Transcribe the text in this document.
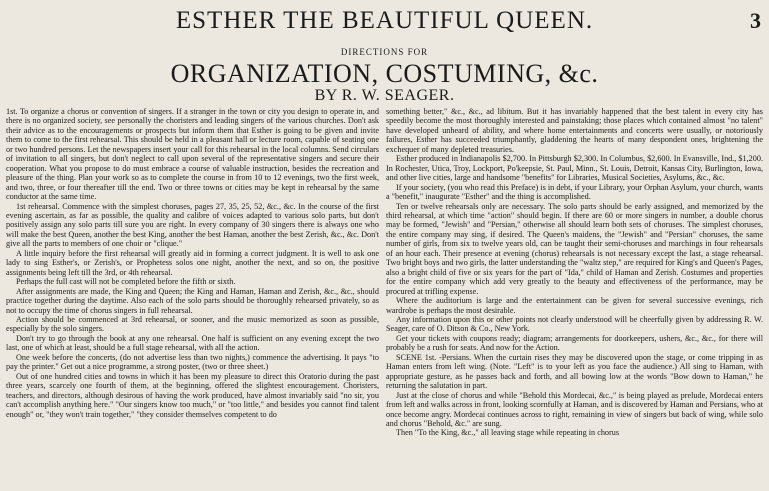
ESTHER THE BEAUTIFUL QUEEN.	3
DIRECTIONS FOR
ORGANIZATION, COSTUMING, &c.
BY R. W. SEAGER.

1st. To organize a chorus or convention of singers. If a stranger in the town or city you design to operate in, and there is no organized society, see personally the choristers and leading singers of the various churches. Don't ask their advice as to the encouragements or prospects but inform them that Esther is going to be given and invite them to come to the first rehearsal. This should be held in a pleasant hall or lecture room, capable of seating one or two hundred persons. Let the newspapers insert your call for this rehearsal in the local columns. Send circulars of invitation to all singers, but don't neglect to call upon several of the representative singers and secure their cooperation. What you propose to do must embrace a course of valuable instruction, besides the recreation and pleasure of the thing. Plan your work so as to complete the course in from 10 to 12 evenings, two the first week, and two, three, or four thereafter till the end. Two or three towns or cities may be kept in rehearsal by the same conductor at the same time.

1st rehearsal. Commence with the simplest choruses, pages 27, 35, 25, 52, &c., &c. In the course of the first evening ascertain, as far as possible, the quality and calibre of voices adapted to various solo parts, but don't positively assign any solo parts till sure you are right. In every company of 30 singers there is always one who will make the best Queen, another the best King, another the best Haman, another the best Zerish, &c., &c. Don't give all the parts to members of one choir or "clique."

A little inquiry before the first rehearsal will greatly aid in forming a correct judgment. It is well to ask one lady to sing Esther's, or Zerish's, or Prophetess solos one night, another the next, and so on, the positive assignments being left till the 3rd, or 4th rehearsal.

Perhaps the full cast will not be completed before the fifth or sixth.

After assignments are made, the King and Queen; the King and Haman, Haman and Zerish, &c., &c., should practice together during the daytime. Also each of the solo parts should be thoroughly rehearsed privately, so as not to occupy the time of chorus singers in full rehearsal.

Action should be commenced at 3rd rehearsal, or sooner, and the music memorized as soon as possible, especially by the solo singers.

Don't try to go through the book at any one rehearsal. One half is sufficient on any evening except the two last, one of which at least, should be a full stage rehearsal, with all the action.

One week before the concerts, (do not advertise less than two nights,) commence the advertising. It pays "to pay the printer." Get out a nice programme, a strong poster, (two or three sheet.)

Out of one hundred cities and towns in which it has been my pleasure to direct this Oratorio during the past three years, scarcely one fourth of them, at the beginning, offered the slightest encouragement. Choristers, teachers, and directors, although desirous of having the work produced, have almost invariably said "no sir, you can't accomplish anything here." "Our singers know too much," or "too little," and besides you cannot find talent enough" or, "they won't train together," "they consider themselves competent to do

something better," &c., &c., ad libitum. But it has invariably happened that the best talent in every city has speedily become the most thoroughly interested and painstaking; those places which contained almost "no talent" have developed unheard of ability, and where home entertainments and concerts were usually, or notoriously failures, Esther has succeeded triumphantly, gladdening the hearts of many despondent ones, brightening the exchequer of many depleted treasuries.

Esther produced in Indianapolis $2,700. In Pittsburgh $2,300. In Columbus, $2,600. In Evansville, Ind., $1,200. In Rochester, Utica, Troy, Lockport, Po'keepsie, St. Paul, Minn., St. Louis, Detroit, Kansas City, Burlington, Iowa, and other live cities, large and handsome "benefits" for Libraries, Musical Societies, Asylums, &c., &c.

If your society, (you who read this Preface) is in debt, if your Library, your Orphan Asylum, your church, wants a "benefit," inaugurate "Esther" and the thing is accomplished.

Ten or twelve rehearsals only are necessary. The solo parts should be early assigned, and memorized by the third rehearsal, at which time "action" should begin. If there are 60 or more singers in number, a double chorus may be formed, "Jewish" and "Persian," otherwise all should learn both sets of choruses. The simplest choruses, the entire company may sing, if desired. The Queen's maidens, the "Jewish" and "Persian" choruses, the same number of girls, from six to twelve years old, can be taught their semi-choruses and marchings in four rehearsals of an hour each. Their presence at evening (chorus) rehearsals is not necessary except the last, a stage rehearsal. Two bright boys and two girls, the latter understanding the "waltz step," are required for King's and Queen's Pages, also a bright child of five or six years for the part of "Ida," child of Haman and Zerish. Costumes and properties for the entire company which add very greatly to the beauty and effectiveness of the performance, may be procured at trifling expense.

Where the auditorium is large and the entertainment can be given for several successive evenings, rich wardrobe is perhaps the most desirable.

Any information upon this or other points not clearly understood will be cheerfully given by addressing R. W. Seager, care of O. Ditson & Co., New York.

Get your tickets with coupons ready; diagram; arrangements for doorkeepers, ushers, &c., &c., for there will probably be a rush for seats. And now for the Action.

SCENE 1st. -Persians. When the curtain rises they may be discovered upon the stage, or come tripping in as Haman enters from left wing. (Note. "Left" is to your left as you face the audience.) All sing to Haman, with appropriate gesture, as he passes back and forth, and all bowing low at the words "Bow down to Haman," he returning the salutation in part.

Just at the close of chorus and while "Behold this Mordecai, &c.," is being played as prelude, Mordecai enters from left and walks across in front, looking scornfully at Haman, and is discovered by Haman and Persians, who at once become angry. Mordecai continues across to right, remaining in view of singers but back of wing, while solo and chorus "Behold, &c." are sung.

Then "To the King, &c.," all leaving stage while repeating in chorus
